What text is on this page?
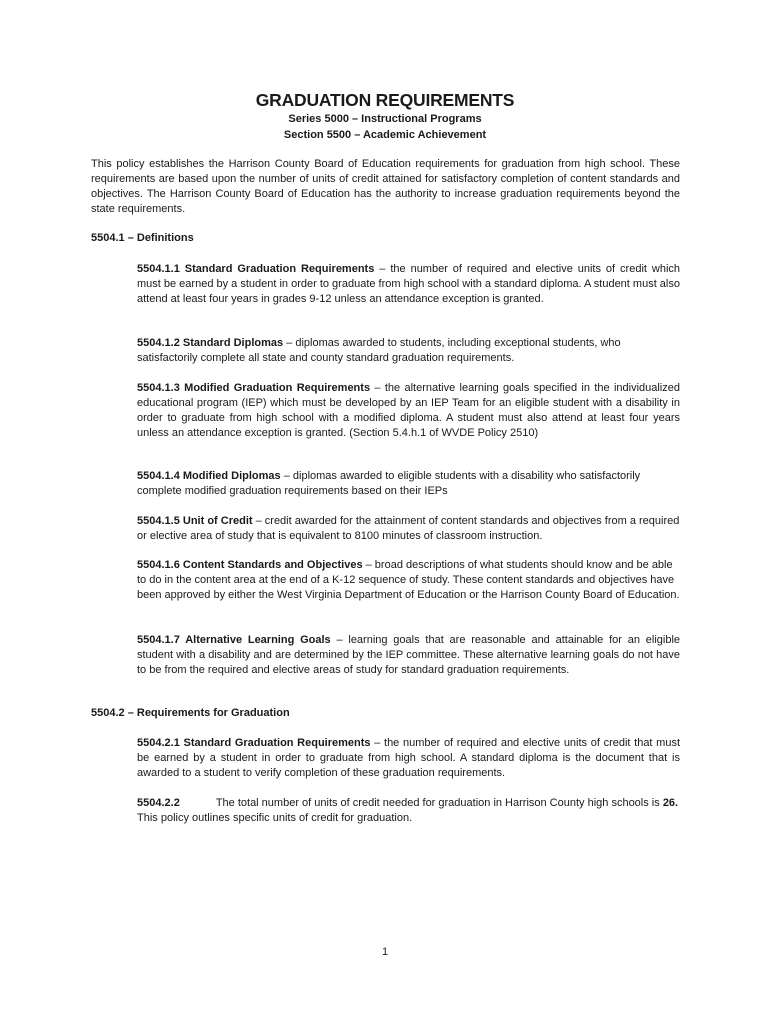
GRADUATION REQUIREMENTS

Series 5000 – Instructional Programs

Section 5500 – Academic Achievement

This policy establishes the Harrison County Board of Education requirements for graduation from high school. These requirements are based upon the number of units of credit attained for satisfactory completion of content standards and objectives. The Harrison County Board of Education has the authority to increase graduation requirements beyond the state requirements.

5504.1 – Definitions

5504.1.1 Standard Graduation Requirements – the number of required and elective units of credit which must be earned by a student in order to graduate from high school with a standard diploma. A student must also attend at least four years in grades 9-12 unless an attendance exception is granted.

5504.1.2 Standard Diplomas – diplomas awarded to students, including exceptional students, who satisfactorily complete all state and county standard graduation requirements.

5504.1.3 Modified Graduation Requirements – the alternative learning goals specified in the individualized educational program (IEP) which must be developed by an IEP Team for an eligible student with a disability in order to graduate from high school with a modified diploma. A student must also attend at least four years unless an attendance exception is granted. (Section 5.4.h.1 of WVDE Policy 2510)

5504.1.4 Modified Diplomas – diplomas awarded to eligible students with a disability who satisfactorily complete modified graduation requirements based on their IEPs

5504.1.5 Unit of Credit – credit awarded for the attainment of content standards and objectives from a required or elective area of study that is equivalent to 8100 minutes of classroom instruction.

5504.1.6 Content Standards and Objectives – broad descriptions of what students should know and be able to do in the content area at the end of a K-12 sequence of study. These content standards and objectives have been approved by either the West Virginia Department of Education or the Harrison County Board of Education.

5504.1.7 Alternative Learning Goals – learning goals that are reasonable and attainable for an eligible student with a disability and are determined by the IEP committee. These alternative learning goals do not have to be from the required and elective areas of study for standard graduation requirements.

5504.2 – Requirements for Graduation

5504.2.1 Standard Graduation Requirements – the number of required and elective units of credit that must be earned by a student in order to graduate from high school. A standard diploma is the document that is awarded to a student to verify completion of these graduation requirements.

5504.2.2	The total number of units of credit needed for graduation in Harrison County high schools is 26. This policy outlines specific units of credit for graduation.

1
